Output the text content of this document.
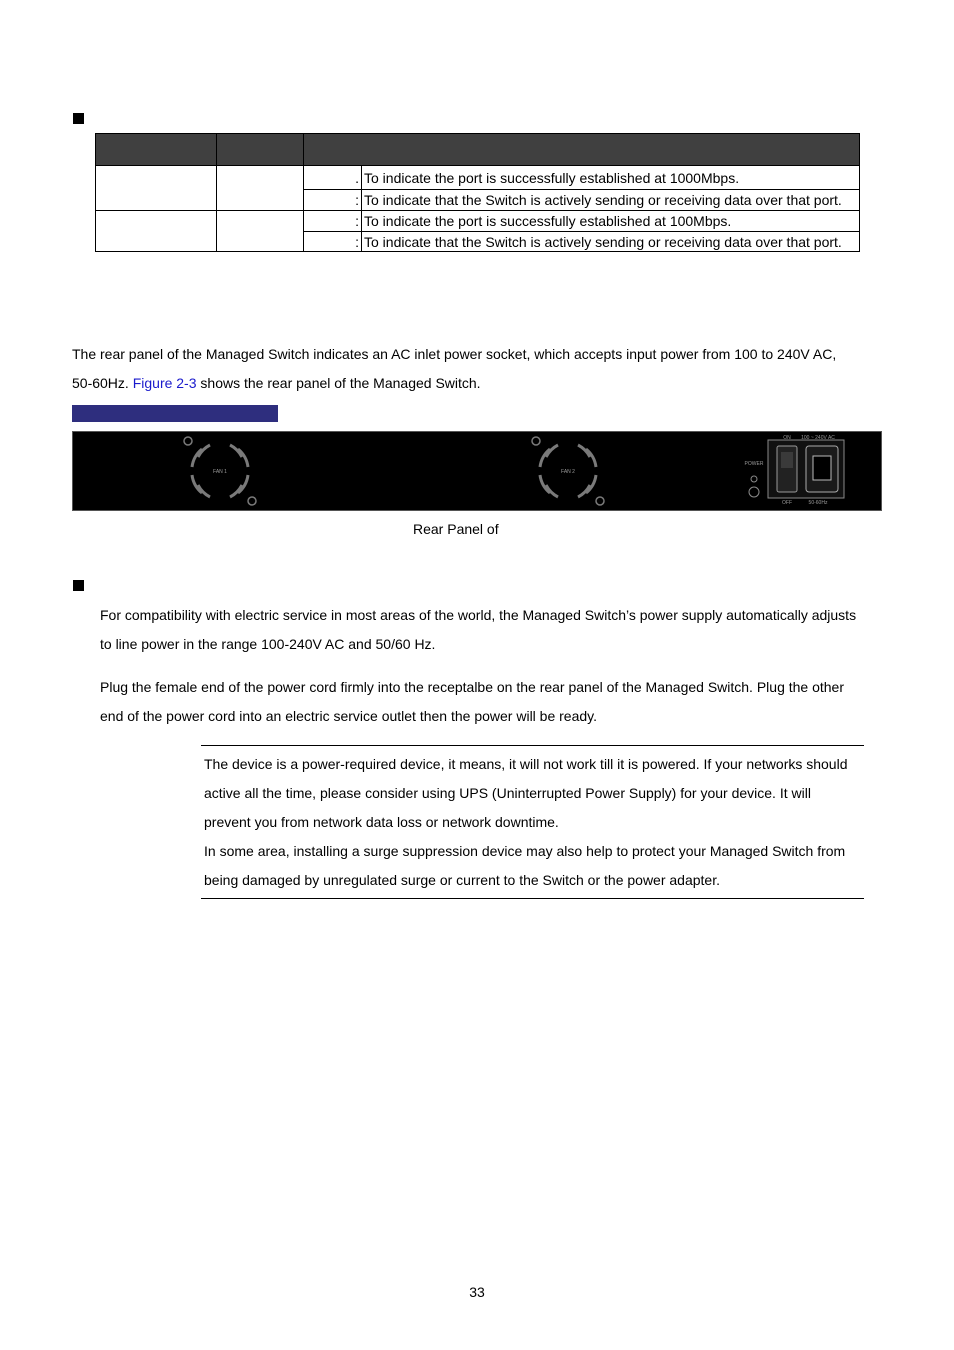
		.	To indicate the port is successfully established at 1000Mbps.
		:	To indicate that the Switch is actively sending or receiving data over that port.
		:	To indicate the port is successfully established at 100Mbps.
		:	To indicate that the Switch is actively sending or receiving data over that port.
The rear panel of the Managed Switch indicates an AC inlet power socket, which accepts input power from 100 to 240V AC,
50-60Hz. Figure 2-3 shows the rear panel of the Managed Switch.
FAN 1	FAN 2
POWER
ON 100 ~ 240V AC
OFF	50-60Hz
Rear Panel of
For compatibility with electric service in most areas of the world, the Managed Switch’s power supply automatically adjusts
to line power in the range 100-240V AC and 50/60 Hz.
Plug the female end of the power cord firmly into the receptalbe on the rear panel of the Managed Switch. Plug the other
end of the power cord into an electric service outlet then the power will be ready.
The device is a power-required device, it means, it will not work till it is powered. If your networks should
active all the time, please consider using UPS (Uninterrupted Power Supply) for your device. It will
prevent you from network data loss or network downtime.
In some area, installing a surge suppression device may also help to protect your Managed Switch from
being damaged by unregulated surge or current to the Switch or the power adapter.
33
